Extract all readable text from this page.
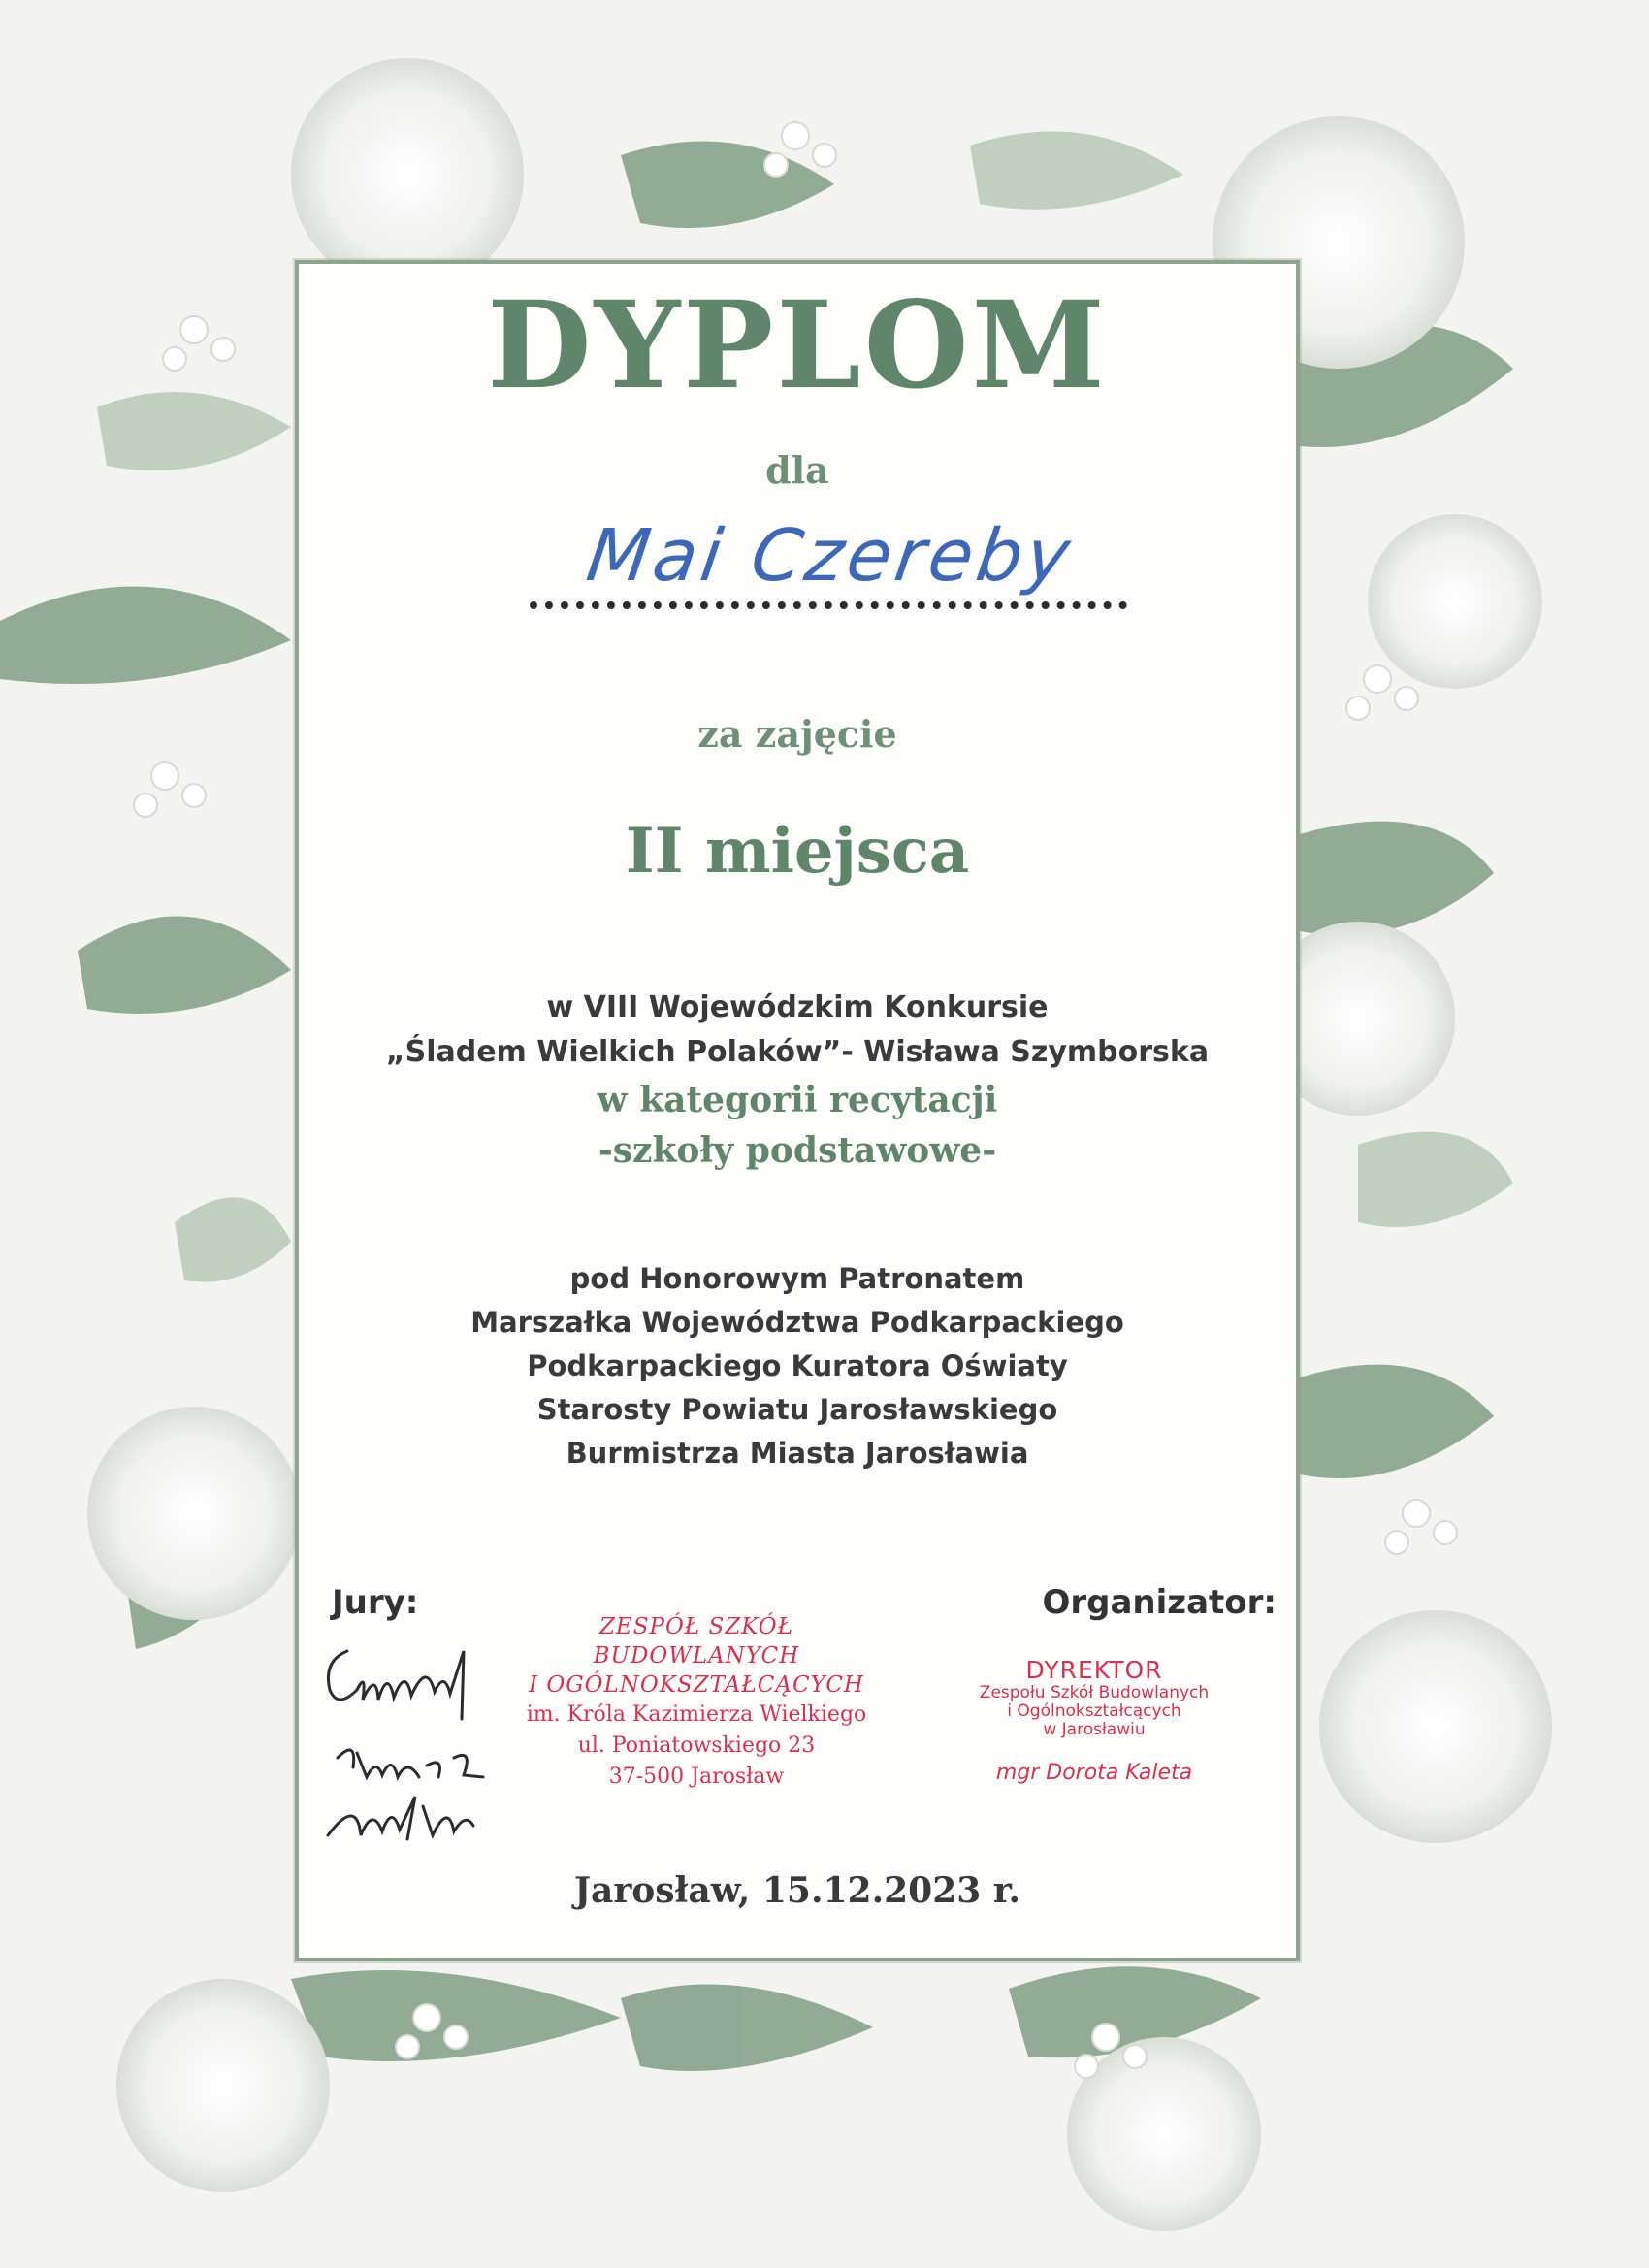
DYPLOM
dla
Mai Czereby
za zajęcie
II miejsca
w VIII Wojewódzkim Konkursie
„Śladem Wielkich Polaków”- Wisława Szymborska
w kategorii recytacji
-szkoły podstawowe-
pod Honorowym Patronatem
Marszałka Województwa Podkarpackiego
Podkarpackiego Kuratora Oświaty
Starosty Powiatu Jarosławskiego
Burmistrza Miasta Jarosławia
Jury:	Organizator:
ZESPÓŁ SZKÓŁ BUDOWLANYCH
I OGÓLNOKSZTAŁCĄCYCH
im. Króla Kazimierza Wielkiego
ul. Poniatowskiego 23
37-500 Jarosław
DYREKTOR
Zespołu Szkół Budowlanych
i Ogólnokształcących
w Jarosławiu
mgr Dorota Kaleta
Jarosław, 15.12.2023 r.
